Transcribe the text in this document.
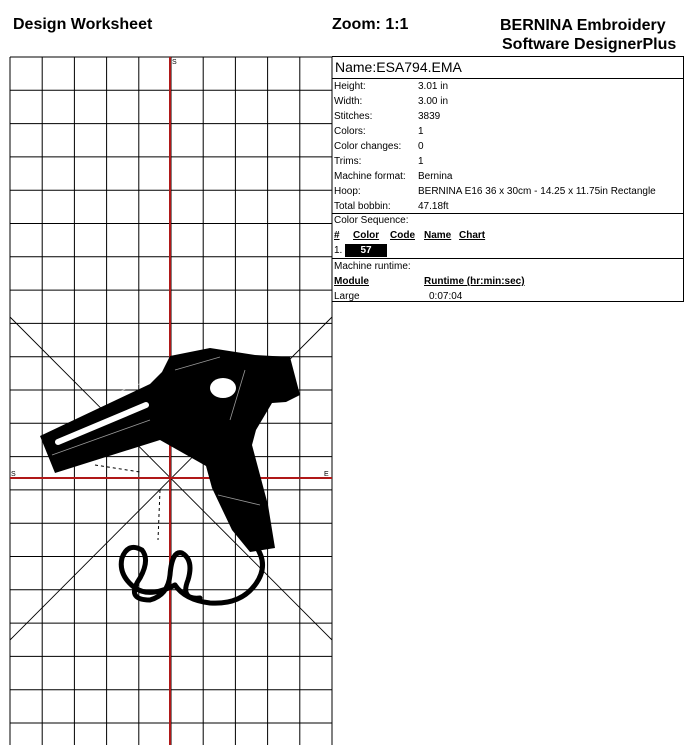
Design Worksheet	Zoom: 1:1	BERNINA Embroidery
Software DesignerPlus
S
S	E
Name:ESA794.EMA
Height:	3.01 in
Width:	3.00 in
Stitches:	3839
Colors:	1
Color changes: 0
Trims:	1
Machine format: Bernina
Hoop:	BERNINA E16 36 x 30cm - 14.25 x 11.75in Rectangle
Total bobbin:	47.18ft
Color Sequence:
# Color Code Name Chart
1.	57
Machine runtime:
Module	Runtime (hr:min:sec)
Large	0:07:04
